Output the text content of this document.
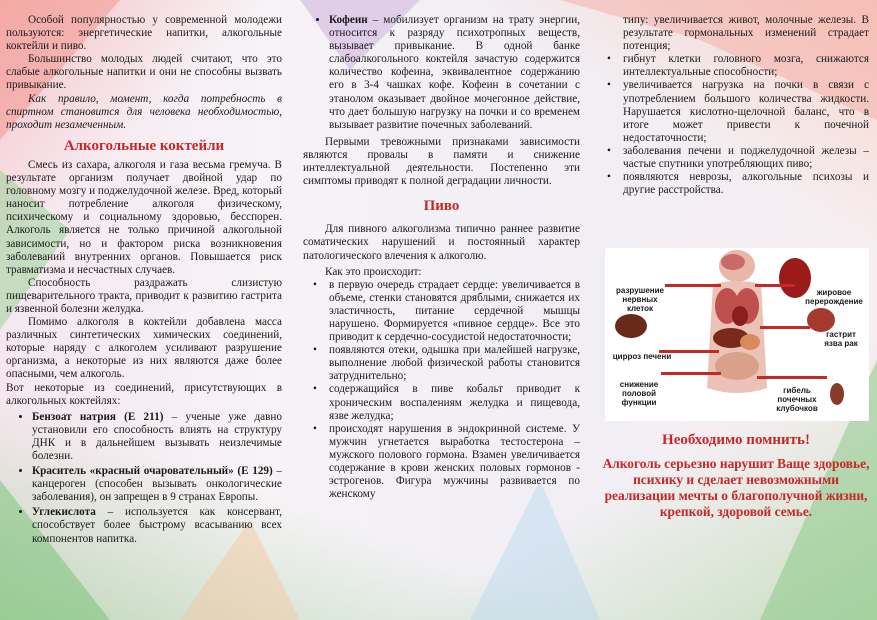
Особой популярностью у современной молодежи пользуются: энергетические напитки, алкогольные коктейли и пиво.

Большинство молодых людей считают, что это слабые алкогольные напитки и они не способны вызвать привыкание.

Как правило, момент, когда потребность в спиртном становится для человека необходимостью, проходит незамеченным.

Алкогольные коктейли

Смесь из сахара, алкоголя и газа весьма гремуча. В результате организм получает двойной удар по головному мозгу и поджелудочной железе. Вред, который наносит потребление алкоголя физическому, психическому и социальному здоровью, бесспорен. Алкоголь является не только причиной алкогольной зависимости, но и фактором риска возникновения заболеваний внутренних органов. Повышается риск травматизма и несчастных случаев.

Способность раздражать слизистую пищеварительного тракта, приводит к развитию гастрита и язвенной болезни желудка.

Помимо алкоголя в коктейли добавлена масса различных синтетических химических соединений, которые наряду с алкоголем усиливают разрушение организма, а некоторые из них являются даже более опасными, чем алкоголь.

Вот некоторые из соединений, присутствующих в алкогольных коктейлях:

• Бензоат натрия (Е 211) – ученые уже давно установили его способность влиять на структуру ДНК и в дальнейшем вызывать неизлечимые болезни.
• Краситель «красный очаровательный» (Е 129) – канцероген (способен вызывать онкологические заболевания), он запрещен в 9 странах Европы.
• Углекислота – используется как консервант, способствует более быстрому всасыванию всех компонентов напитка.
• Кофеин – мобилизует организм на трату энергии, относится к разряду психотропных веществ, вызывает привыкание. В одной банке слабоалкогольного коктейля зачастую содержится количество кофеина, эквивалентное содержанию его в 3-4 чашках кофе. Кофеин в сочетании с этанолом оказывает двойное мочегонное действие, что дает большую нагрузку на почки и со временем вызывает развитие почечных заболеваний.

Первыми тревожными признаками зависимости являются провалы в памяти и снижение интеллектуальной деятельности. Постепенно эти симптомы приводят к полной деградации личности.

Пиво

Для пивного алкоголизма типично раннее развитие соматических нарушений и постоянный характер патологического влечения к алкоголю.

Как это происходит:

• в первую очередь страдает сердце: увеличивается в объеме, стенки становятся дряблыми, снижается их эластичность, питание сердечной мышцы нарушено. Формируется «пивное сердце». Все это приводит к сердечно-сосудистой недостаточности;
• появляются отеки, одышка при малейшей нагрузке, выполнение любой физической работы становится затруднительно;
• содержащийся в пиве кобальт приводит к хроническим воспалениям желудка и пищевода, язве желудка;
• происходят нарушения в эндокринной системе. У мужчин угнетается выработка тестостерона – мужского полового гормона. Взамен увеличивается содержание в крови женских половых гормонов - эстрогенов. Фигура мужчины развивается по женскому

типу: увеличивается живот, молочные железы. В результате гормональных изменений страдает потенция;

• гибнут клетки головного мозга, снижаются интеллектуальные способности;
• увеличивается нагрузка на почки в связи с употреблением большого количества жидкости. Нарушается кислотно-щелочной баланс, что в итоге может привести к почечной недостаточности;
• заболевания печени и поджелудочной железы – частые спутники употребляющих пиво;
• появляются неврозы, алкогольные психозы и другие расстройства.
разрушение нервных клеток
жировое перерождение
гастрит язва рак
цирроз печени
снижение половой функции
гибель почечных клубочков
Необходимо помнить!

Алкоголь серьезно нарушит Ваще здоровье, психику и сделает невозможными реализации мечты о благополучной жизни, крепкой, здоровой семье.
